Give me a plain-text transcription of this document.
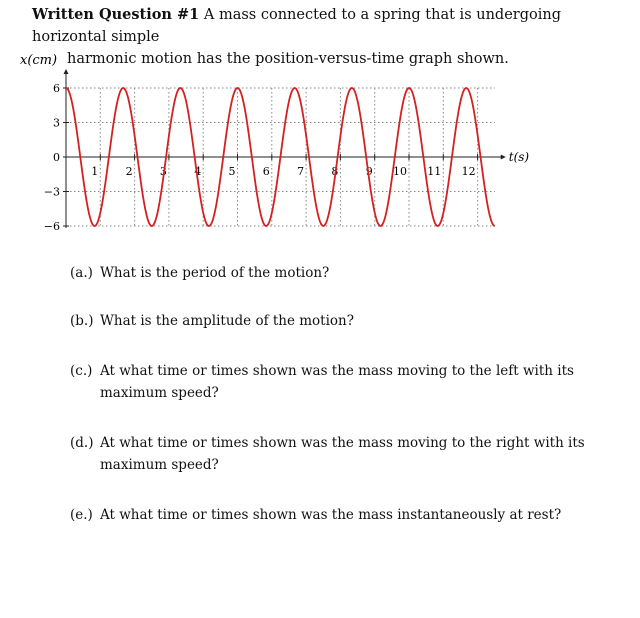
Written Question #1 A mass connected to a spring that is undergoing horizontal simple
harmonic motion has the position-versus-time graph shown.
6
3
0
−3
−6
1 2 3 4 5 6 7 8 9 10 11 12
t(s)
x(cm)
(a.) What is the period of the motion?
(b.) What is the amplitude of the motion?
(c.) At what time or times shown was the mass moving to the left with its maximum speed?
(d.) At what time or times shown was the mass moving to the right with its maximum speed?
(e.) At what time or times shown was the mass instantaneously at rest?
